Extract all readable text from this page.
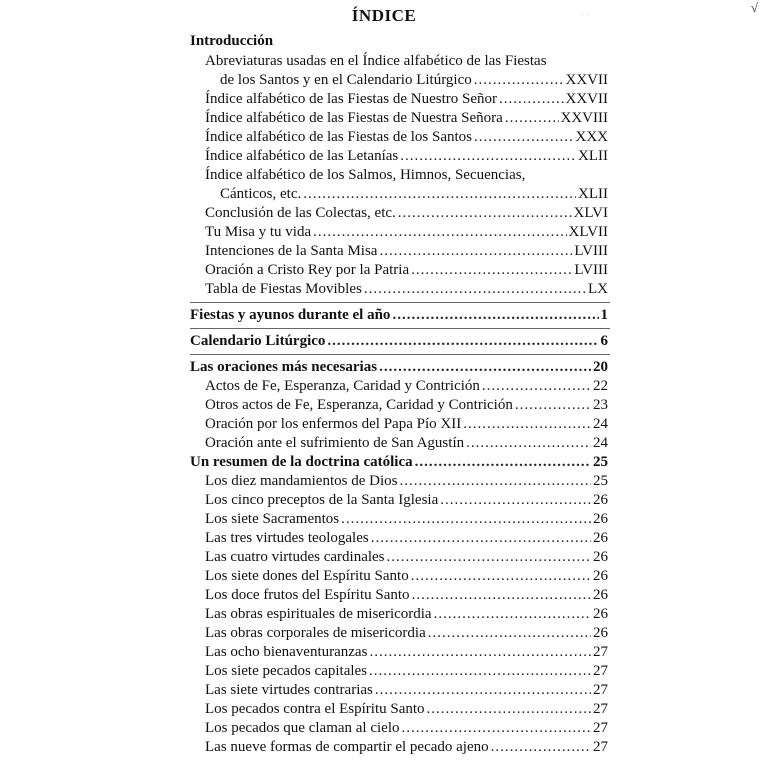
√
. .
ÍNDICE
Introducción
Abreviaturas usadas en el Índice alfabético de las Fiestas
de los Santos y en el Calendario Litúrgico .....	XXVII
Índice alfabético de las Fiestas de Nuestro Señor .....	XXVII
Índice alfabético de las Fiestas de Nuestra Señora .....	XXVIII
Índice alfabético de las Fiestas de los Santos .....	XXX
Índice alfabético de las Letanías .....	XLII
Índice alfabético de los Salmos, Himnos, Secuencias,
Cánticos, etc. .....	XLII
Conclusión de las Colectas, etc. .....	XLVI
Tu Misa y tu vida .....	XLVII
Intenciones de la Santa Misa .....	LVIII
Oración a Cristo Rey por la Patria .....	LVIII
Tabla de Fiestas Movibles .....	LX
Fiestas y ayunos durante el año .....	1
Calendario Litúrgico .....	6
Las oraciones más necesarias .....	20
Actos de Fe, Esperanza, Caridad y Contrición .....	22
Otros actos de Fe, Esperanza, Caridad y Contrición .....	23
Oración por los enfermos del Papa Pío XII .....	24
Oración ante el sufrimiento de San Agustín .....	24
Un resumen de la doctrina católica .....	25
Los diez mandamientos de Dios .....	25
Los cinco preceptos de la Santa Iglesia .....	26
Los siete Sacramentos .....	26
Las tres virtudes teologales .....	26
Las cuatro virtudes cardinales .....	26
Los siete dones del Espíritu Santo .....	26
Los doce frutos del Espíritu Santo .....	26
Las obras espirituales de misericordia .....	26
Las obras corporales de misericordia .....	26
Las ocho bienaventuranzas .....	27
Los siete pecados capitales .....	27
Las siete virtudes contrarias .....	27
Los pecados contra el Espíritu Santo .....	27
Los pecados que claman al cielo .....	27
Las nueve formas de compartir el pecado ajeno .....	27
